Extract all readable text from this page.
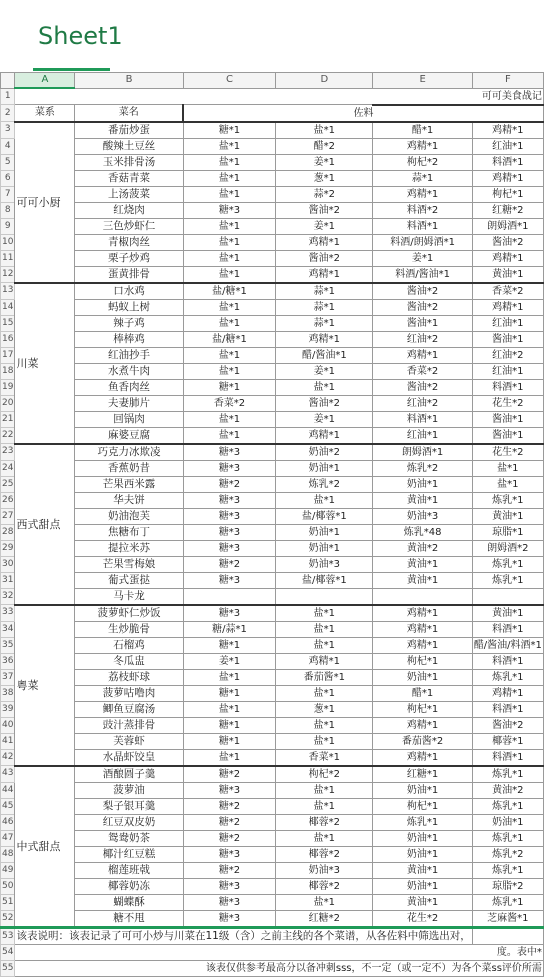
Sheet1
	A	B	C	D	E	F
1					可可美食战记	
2	菜系	菜名	佐料			
3	可可小厨	番茄炒蛋	糖*1	盐*1	醋*1	鸡精*1
4		酸辣土豆丝	盐*1	醋*2	鸡精*1	红油*1
5		玉米排骨汤	盐*1	姜*1	枸杞*2	料酒*1
6		香菇青菜	盐*1	葱*1	蒜*1	鸡精*1
7		上汤菠菜	盐*1	蒜*2	鸡精*1	枸杞*1
8		红烧肉	糖*3	酱油*2	料酒*2	红糖*2
9		三色炒虾仁	盐*1	姜*1	料酒*1	朗姆酒*1
10		青椒肉丝	盐*1	鸡精*1	料酒/朗姆酒*1	酱油*2
11		栗子炒鸡	盐*1	酱油*2	姜*1	鸡精*1
12		蛋黄排骨	盐*1	鸡精*1	料酒/酱油*1	黄油*1
13	川菜	口水鸡	盐/糖*1	蒜*1	酱油*2	香菜*2
14		蚂蚁上树	盐*1	蒜*1	酱油*2	鸡精*1
15		辣子鸡	盐*1	蒜*1	酱油*1	红油*1
16		棒棒鸡	盐/糖*1	鸡精*1	红油*2	酱油*1
17		红油抄手	盐*1	醋/酱油*1	鸡精*1	红油*2
18		水煮牛肉	盐*1	姜*1	香菜*2	红油*1
19		鱼香肉丝	糖*1	盐*1	酱油*2	料酒*1
20		夫妻肺片	香菜*2	酱油*2	红油*2	花生*2
21		回锅肉	盐*1	姜*1	料酒*1	酱油*1
22		麻婆豆腐	盐*1	鸡精*1	红油*1	酱油*1
23	西式甜点	巧克力冰欺凌	糖*3	奶油*2	朗姆酒*1	花生*2
24		香蕉奶昔	糖*3	奶油*1	炼乳*2	盐*1
25		芒果西米露	糖*2	炼乳*2	奶油*1	盐*1
26		华夫饼	糖*3	盐*1	黄油*1	炼乳*1
27		奶油泡芙	糖*3	盐/椰蓉*1	奶油*3	黄油*1
28		焦糖布丁	糖*3	奶油*1	炼乳*48	琼脂*1
29		提拉米苏	糖*3	奶油*1	黄油*2	朗姆酒*2
30		芒果雪梅娘	糖*2	奶油*3	黄油*1	炼乳*1
31		葡式蛋挞	糖*3	盐/椰蓉*1	黄油*1	炼乳*1
32		马卡龙				
33	粤菜	菠萝虾仁炒饭	糖*3	盐*1	鸡精*1	黄油*1
34		生炒脆骨	糖/蒜*1	盐*1	鸡精*1	料酒*1
35		石榴鸡	糖*1	盐*1	鸡精*1	醋/酱油/料酒*1
36		冬瓜盅	姜*1	鸡精*1	枸杞*1	料酒*1
37		荔枝虾球	盐*1	番茄酱*1	奶油*1	炼乳*1
38		菠萝咕噜肉	糖*1	盐*1	醋*1	鸡精*1
39		鲫鱼豆腐汤	盐*1	葱*1	枸杞*1	料酒*1
40		豉汁蒸排骨	糖*1	盐*1	鸡精*1	酱油*2
41		芙蓉虾	糖*1	盐*1	番茄酱*2	椰蓉*1
42		水晶虾饺皇	盐*1	香菜*1	鸡精*1	料酒*1
43	中式甜点	酒酿圆子羹	糖*2	枸杞*2	红糖*1	炼乳*1
44		菠萝油	糖*3	盐*1	奶油*1	黄油*2
45		梨子银耳羹	糖*2	盐*1	枸杞*1	炼乳*1
46		红豆双皮奶	糖*2	椰蓉*2	炼乳*1	奶油*1
47		鸳鸯奶茶	糖*2	盐*1	奶油*1	炼乳*1
48		椰汁红豆糕	糖*3	椰蓉*2	奶油*1	炼乳*2
49		榴莲班戟	糖*2	奶油*3	黄油*1	炼乳*1
50		椰蓉奶冻	糖*3	椰蓉*2	奶油*1	琼脂*2
51		蝴蝶酥	糖*3	盐*1	黄油*1	炼乳*1
52		糖不甩	糖*3	红糖*2	花生*2	芝麻酱*1
53	该表说明：该表记录了可可小炒与川菜在11级（含）之前主线的各个菜谱，从各佐料中筛选出对，					
54	度。表中*					
55	该表仅供参考最高分以备冲刺sss，不一定（或一定不）为各个菜ss评价所需					
